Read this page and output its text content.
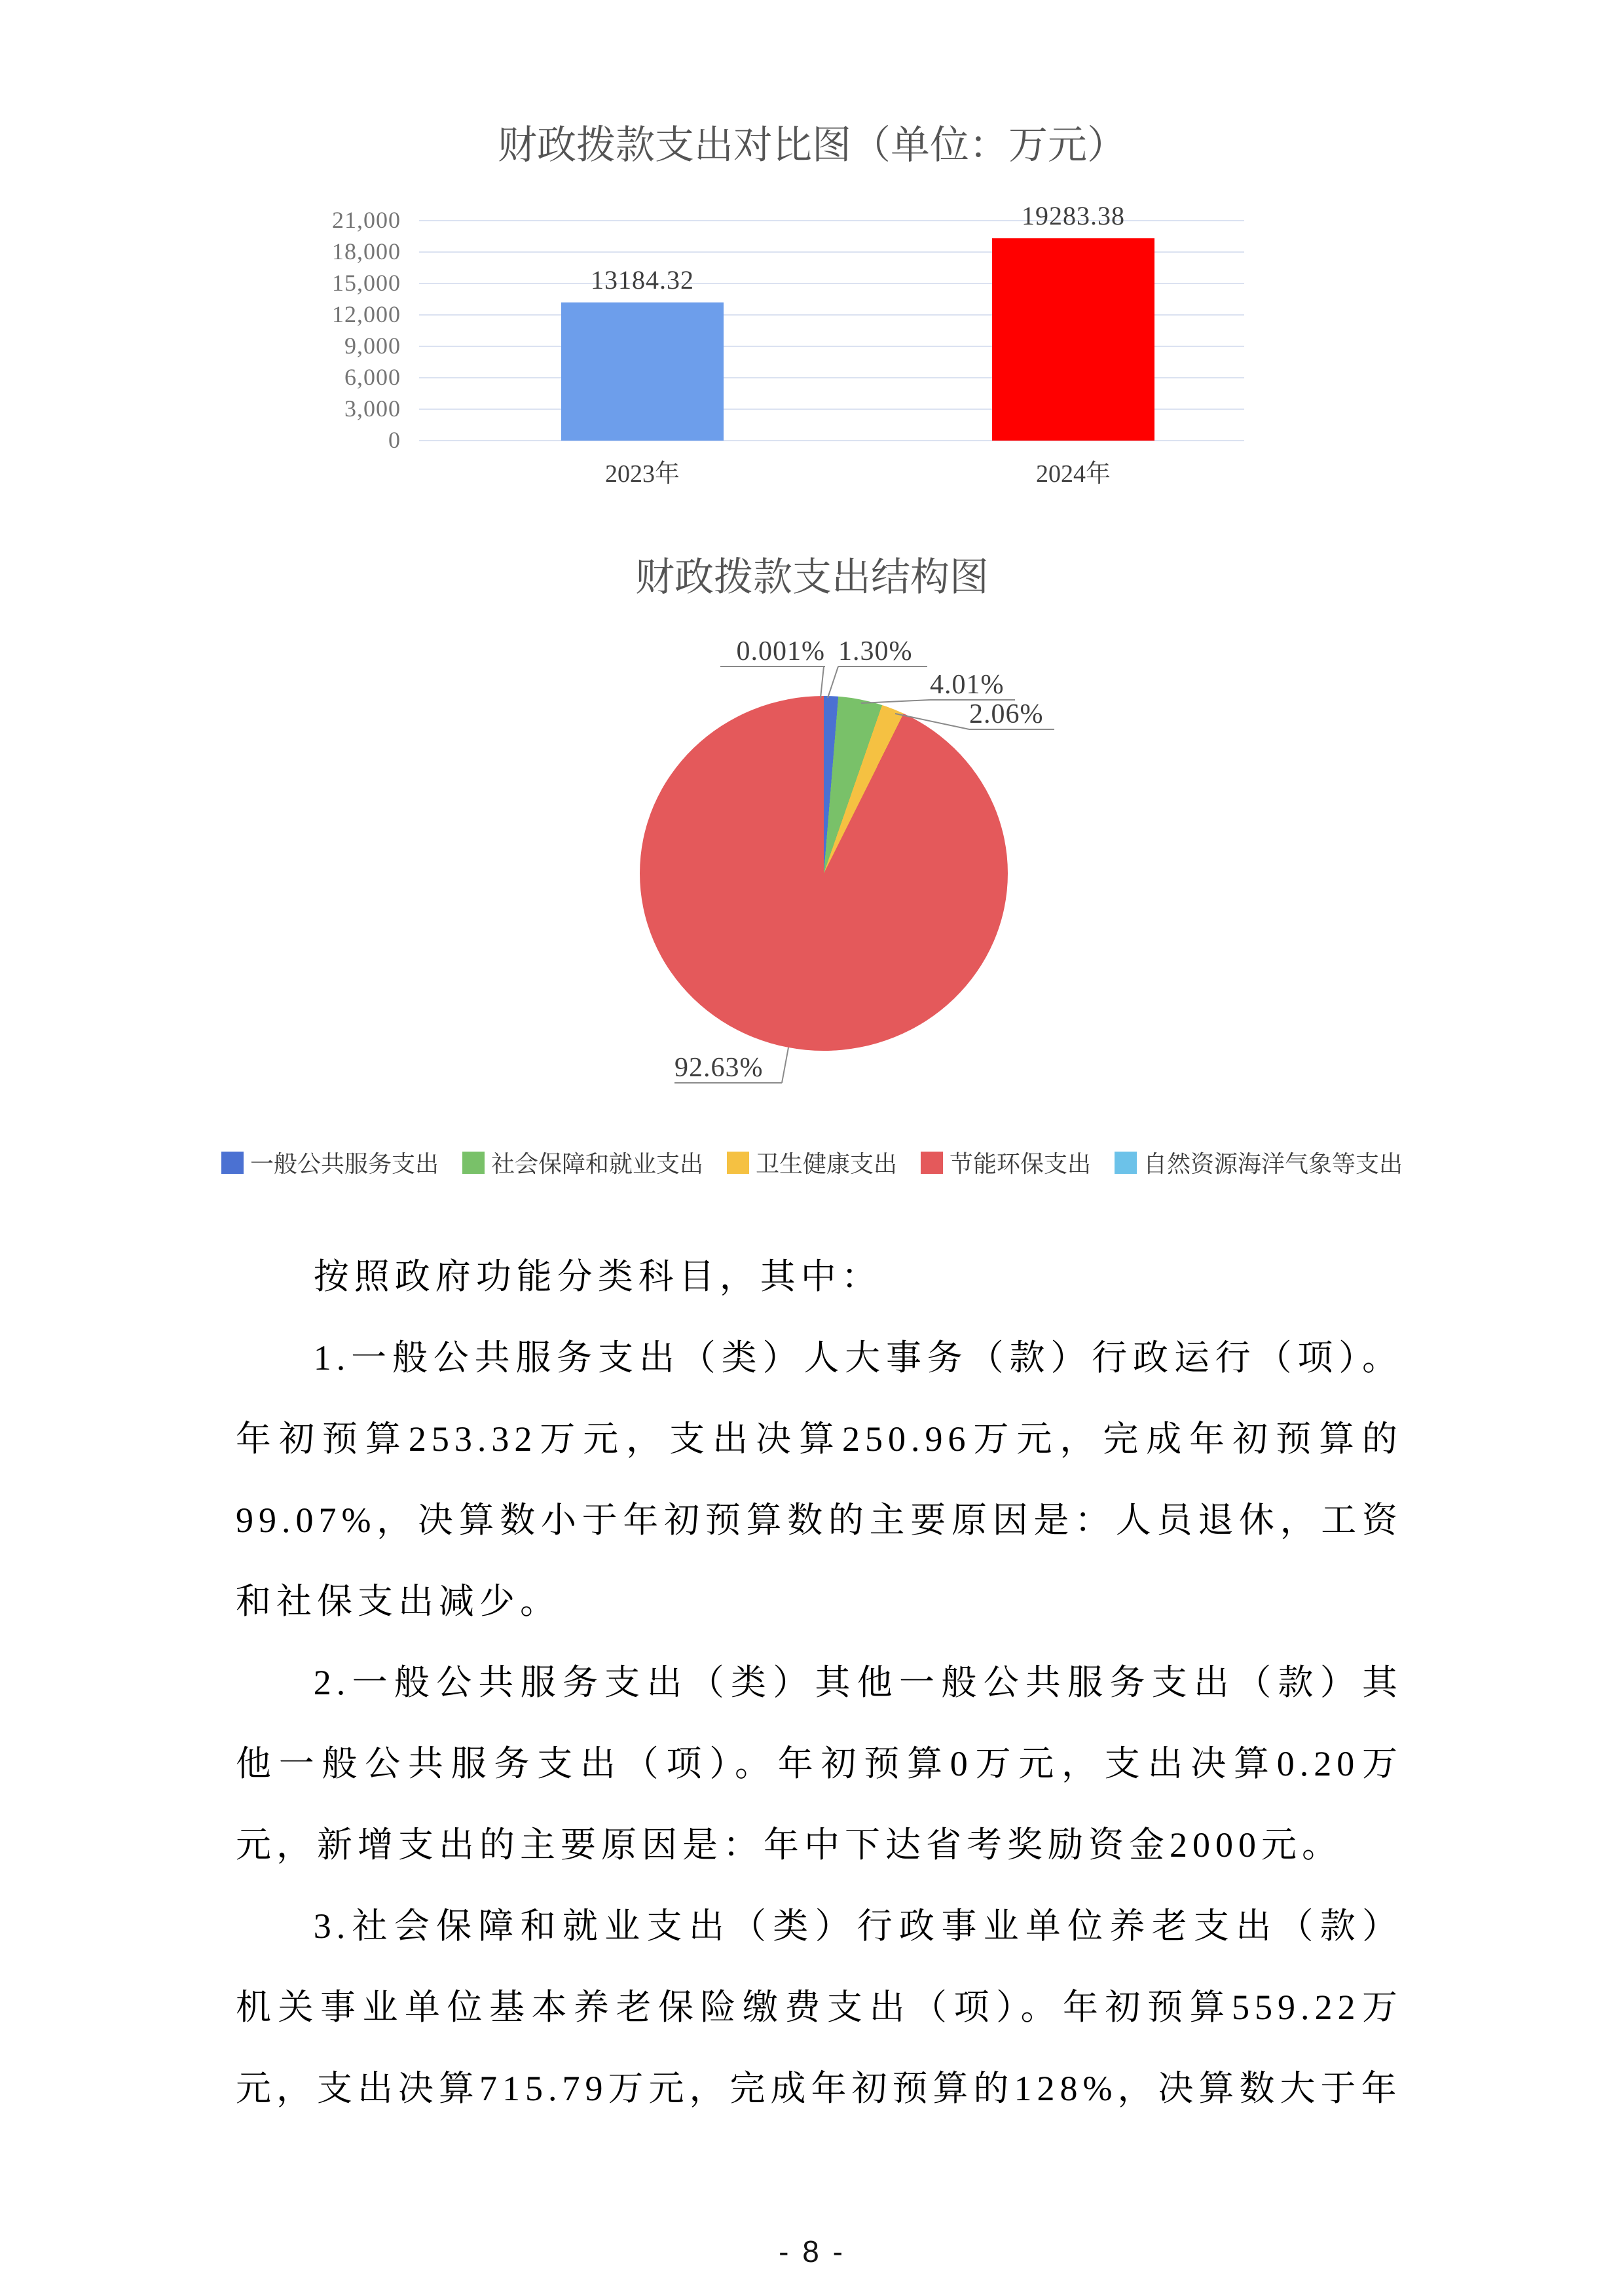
财政拨款支出对比图（单位：万元）
13184.32
19283.38
21,000
18,000
15,000
12,000
9,000
6,000
3,000
0
2023年	2024年
财政拨款支出结构图
0.001% 1.30%
4.01%
2.06%
92.63%
一般公共服务支出 社会保障和就业支出 卫生健康支出 节能环保支出 自然资源海洋气象等支出

按照政府功能分类科目，其中：

1.一般公共服务支出（类）人大事务（款）行政运行（项）。年初预算253.32万元，支出决算250.96万元，完成年初预算的99.07%，决算数小于年初预算数的主要原因是：人员退休，工资和社保支出减少。

2.一般公共服务支出（类）其他一般公共服务支出（款）其他一般公共服务支出（项）。年初预算0万元，支出决算0.20万元，新增支出的主要原因是：年中下达省考奖励资金2000元。

3.社会保障和就业支出（类）行政事业单位养老支出（款）机关事业单位基本养老保险缴费支出（项）。年初预算559.22万元，支出决算715.79万元，完成年初预算的128%，决算数大于年

- 8 -
